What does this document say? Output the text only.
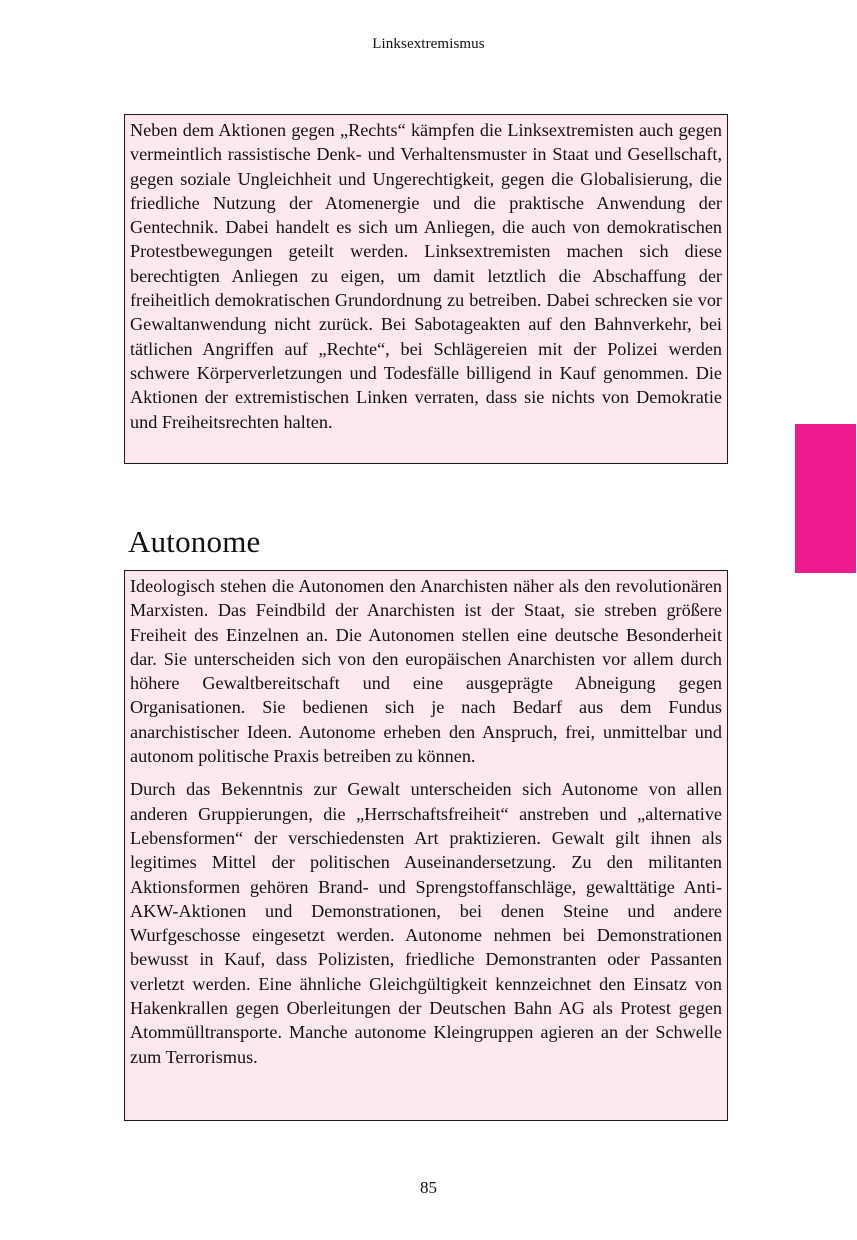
Linksextremismus

Neben dem Aktionen gegen „Rechts“ kämpfen die Linksextremisten auch gegen vermeintlich rassistische Denk- und Verhaltensmuster in Staat und Gesellschaft, gegen soziale Ungleichheit und Ungerechtigkeit, gegen die Globalisierung, die friedliche Nutzung der Atomenergie und die praktische Anwendung der Gentechnik. Dabei handelt es sich um Anliegen, die auch von demokratischen Protestbewegungen geteilt werden. Linksextremisten machen sich diese berechtigten Anliegen zu eigen, um damit letztlich die Abschaffung der freiheitlich demokratischen Grundordnung zu betreiben. Dabei schrecken sie vor Gewaltanwendung nicht zurück. Bei Sabotageakten auf den Bahnverkehr, bei tätlichen Angriffen auf „Rechte“, bei Schlägereien mit der Polizei werden schwere Körperverletzungen und Todesfälle billigend in Kauf genommen. Die Aktionen der extremistischen Linken verraten, dass sie nichts von Demokratie und Freiheitsrechten halten.

Autonome

Ideologisch stehen die Autonomen den Anarchisten näher als den revolutionären Marxisten. Das Feindbild der Anarchisten ist der Staat, sie streben größere Freiheit des Einzelnen an. Die Autonomen stellen eine deutsche Besonderheit dar. Sie unterscheiden sich von den europäischen Anarchisten vor allem durch höhere Gewaltbereitschaft und eine ausgeprägte Abneigung gegen Organisationen. Sie bedienen sich je nach Bedarf aus dem Fundus anarchistischer Ideen. Autonome erheben den Anspruch, frei, unmittelbar und autonom politische Praxis betreiben zu können.

Durch das Bekenntnis zur Gewalt unterscheiden sich Autonome von allen anderen Gruppierungen, die „Herrschaftsfreiheit“ anstreben und „alternative Lebensformen“ der verschiedensten Art praktizieren. Gewalt gilt ihnen als legitimes Mittel der politischen Auseinandersetzung. Zu den militanten Aktionsformen gehören Brand- und Sprengstoffanschläge, gewalttätige Anti-AKW-Aktionen und Demonstrationen, bei denen Steine und andere Wurfgeschosse eingesetzt werden. Autonome nehmen bei Demonstrationen bewusst in Kauf, dass Polizisten, friedliche Demonstranten oder Passanten verletzt werden. Eine ähnliche Gleichgültigkeit kennzeichnet den Einsatz von Hakenkrallen gegen Oberleitungen der Deutschen Bahn AG als Protest gegen Atommülltransporte. Manche autonome Kleingruppen agieren an der Schwelle zum Terrorismus.

85
